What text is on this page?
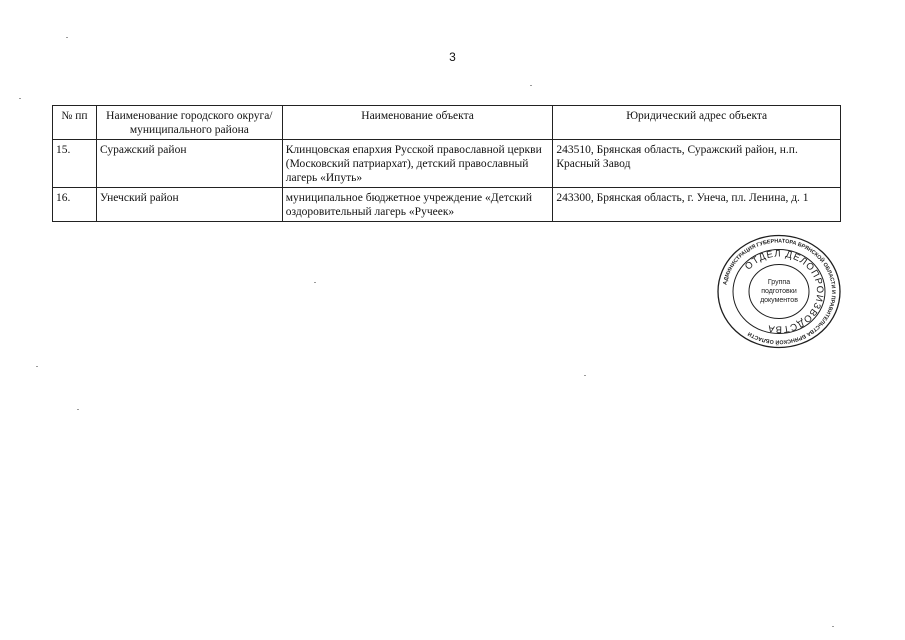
3
№ пп	Наименование городского округа/муниципального района	Наименование объекта	Юридический адрес объекта
15.	Суражский район	Клинцовская епархия Русской православной церкви (Московский патриархат), детский православный лагерь «Ипуть»	243510, Брянская область, Суражский район, н.п. Красный Завод
16.	Унечский район	муниципальное бюджетное учреждение «Детский оздоровительный лагерь «Ручеек»	243300, Брянская область, г. Унеча, пл. Ленина, д. 1
АДМИНИСТРАЦИЯ ГУБЕРНАТОРА БРЯНСКОЙ ОБЛАСТИ И ПРАВИТЕЛЬСТВА БРЯНСКОЙ ОБЛАСТИ
ОТДЕЛ ДЕЛОПРОИЗВОДСТВА
Группа
подготовки
документов
